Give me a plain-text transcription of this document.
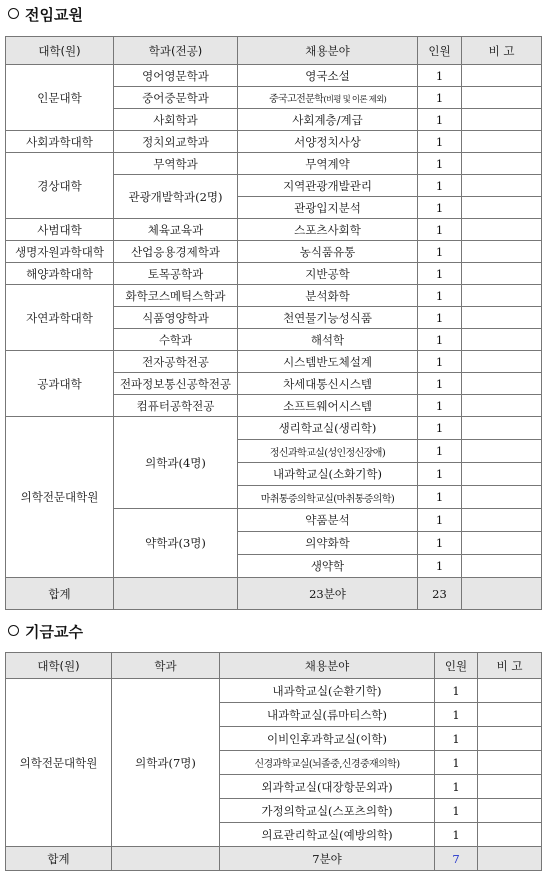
전임교원
대학(원)	학과(전공)	채용분야	인원	비 고
인문대학	영어영문학과	영국소설	1	
	중어중문학과	중국고전문학(비평 및 이론 제외)	1	
	사회학과	사회계층/계급	1	
사회과학대학	정치외교학과	서양정치사상	1	
경상대학	무역학과	무역계약	1	
	관광개발학과(2명)	지역관광개발관리	1	
		관광입지분석	1	
사범대학	체육교육과	스포츠사회학	1	
생명자원과학대학	산업응용경제학과	농식품유통	1	
해양과학대학	토목공학과	지반공학	1	
자연과학대학	화학코스메틱스학과	분석화학	1	
	식품영양학과	천연물기능성식품	1	
	수학과	해석학	1	
공과대학	전자공학전공	시스템반도체설계	1	
	전파정보통신공학전공	차세대통신시스템	1	
	컴퓨터공학전공	소프트웨어시스템	1	
의학전문대학원	의학과(4명)	생리학교실(생리학)	1	
		정신과학교실(성인정신장애)	1	
		내과학교실(소화기학)	1	
		마취통증의학교실(마취통증의학)	1	
	약학과(3명)	약품분석	1	
		의약화학	1	
		생약학	1	
합계		23분야	23	
기금교수
대학(원)	학과	채용분야	인원	비 고
의학전문대학원	의학과(7명)	내과학교실(순환기학)	1	
		내과학교실(류마티스학)	1	
		이비인후과학교실(이학)	1	
		신경과학교실(뇌졸중,신경중재의학)	1	
		외과학교실(대장항문외과)	1	
		가정의학교실(스포츠의학)	1	
		의료관리학교실(예방의학)	1	
합계		7분야	7	
